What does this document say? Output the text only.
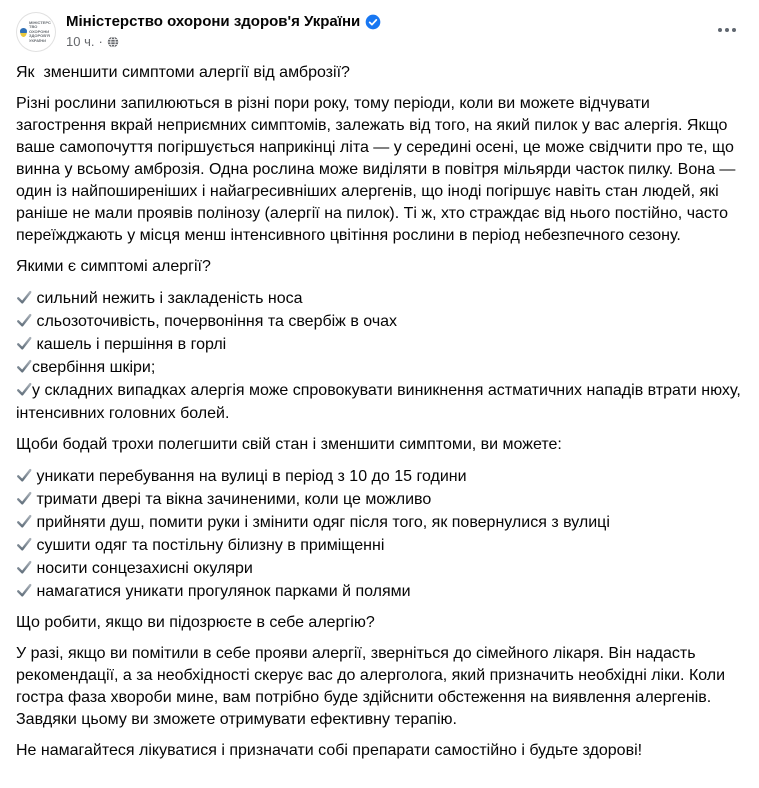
МІНІСТЕРСТВО ОХОРОНИ ЗДОРОВ'Я УКРАЇНИ
Міністерство охорони здоров'я України
10 ч. ·

Як  зменшити симптоми алергії від амброзії?

Різні рослини запилюються в різні пори року, тому періоди, коли ви можете відчувати загострення вкрай неприємних симптомів, залежать від того, на який пилок у вас алергія. Якщо ваше самопочуття погіршується наприкінці літа — у середині осені, це може свідчити про те, що винна у всьому амброзія. Одна рослина може виділяти в повітря мільярди часток пилку. Вона — один із найпоширеніших і найагресивніших алергенів, що іноді погіршує навіть стан людей, які раніше не мали проявів полінозу (алергії на пилок). Ті ж, хто страждає від нього постійно, часто переїжджають у місця менш інтенсивного цвітіння рослини в період небезпечного сезону.

Якими є симптомі алергії?

сильний нежить і закладеність носа
сльозоточивість, почервоніння та свербіж в очах
кашель і першіння в горлі
свербіння шкіри;
у складних випадках алергія може спровокувати виникнення астматичних нападів втрати нюху, інтенсивних головних болей.

Щоби бодай трохи полегшити свій стан і зменшити симптоми, ви можете:

уникати перебування на вулиці в період з 10 до 15 години
тримати двері та вікна зачиненими, коли це можливо
прийняти душ, помити руки і змінити одяг після того, як повернулися з вулиці
сушити одяг та постільну білизну в приміщенні
носити сонцезахисні окуляри
намагатися уникати прогулянок парками й полями

Що робити, якщо ви підозрюєте в себе алергію?

У разі, якщо ви помітили в себе прояви алергії, зверніться до сімейного лікаря. Він надасть рекомендації, а за необхідності скерує вас до алерголога, який призначить необхідні ліки. Коли гостра фаза хвороби мине, вам потрібно буде здійснити обстеження на виявлення алергенів. Завдяки цьому ви зможете отримувати ефективну терапію.

Не намагайтеся лікуватися і призначати собі препарати самостійно і будьте здорові!
